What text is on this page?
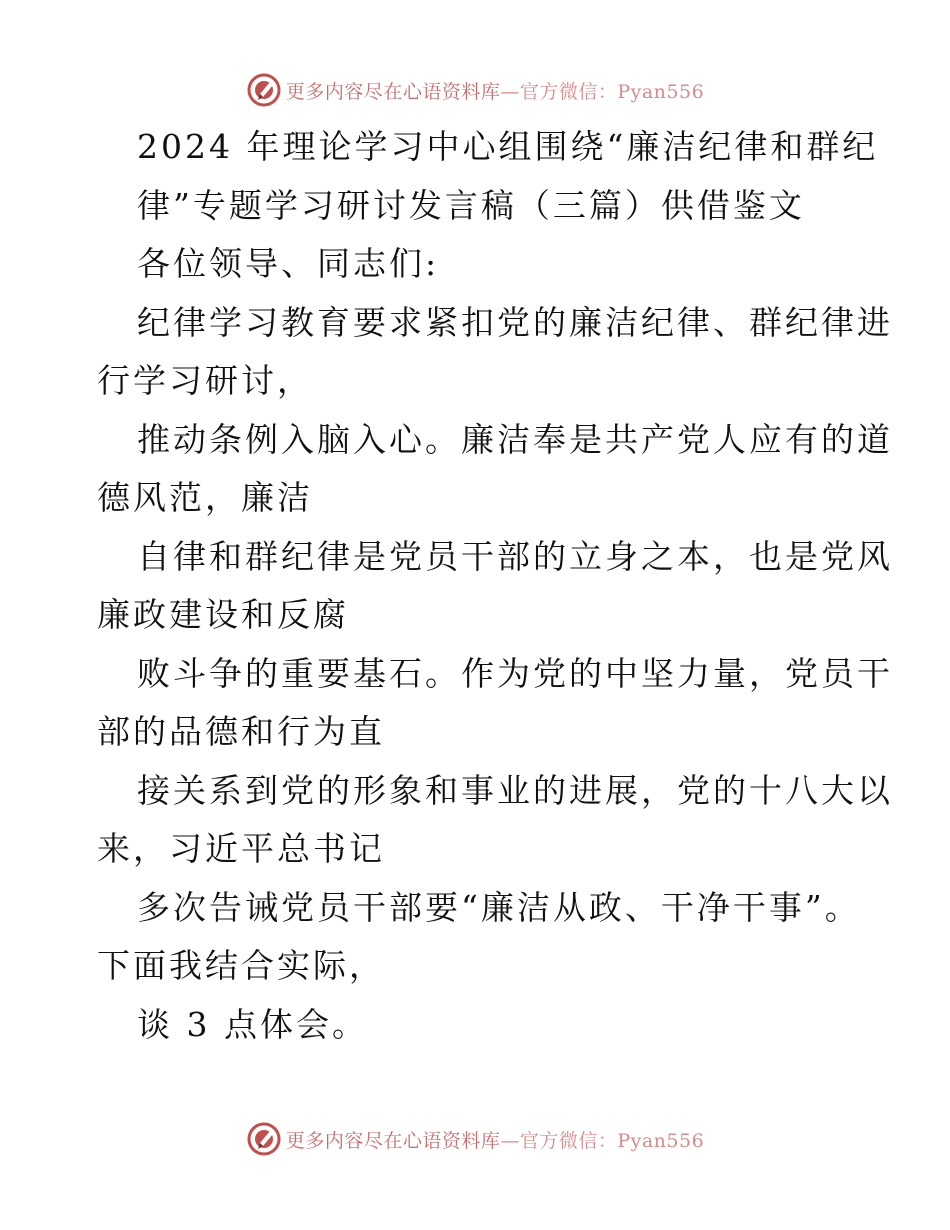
更多内容尽在心语资料库—官方微信：Pyan556
2024 年理论学习中心组围绕“廉洁纪律和群纪
律”专题学习研讨发言稿（三篇）供借鉴文
各位领导、同志们:
纪律学习教育要求紧扣党的廉洁纪律、群纪律进
行学习研讨，
推动条例入脑入心。廉洁奉是共产党人应有的道
德风范，廉洁
自律和群纪律是党员干部的立身之本，也是党风
廉政建设和反腐
败斗争的重要基石。作为党的中坚力量，党员干
部的品德和行为直
接关系到党的形象和事业的进展，党的十八大以
来，习近平总书记
多次告诫党员干部要“廉洁从政、干净干事”。
下面我结合实际，
谈 3 点体会。
更多内容尽在心语资料库—官方微信：Pyan556
